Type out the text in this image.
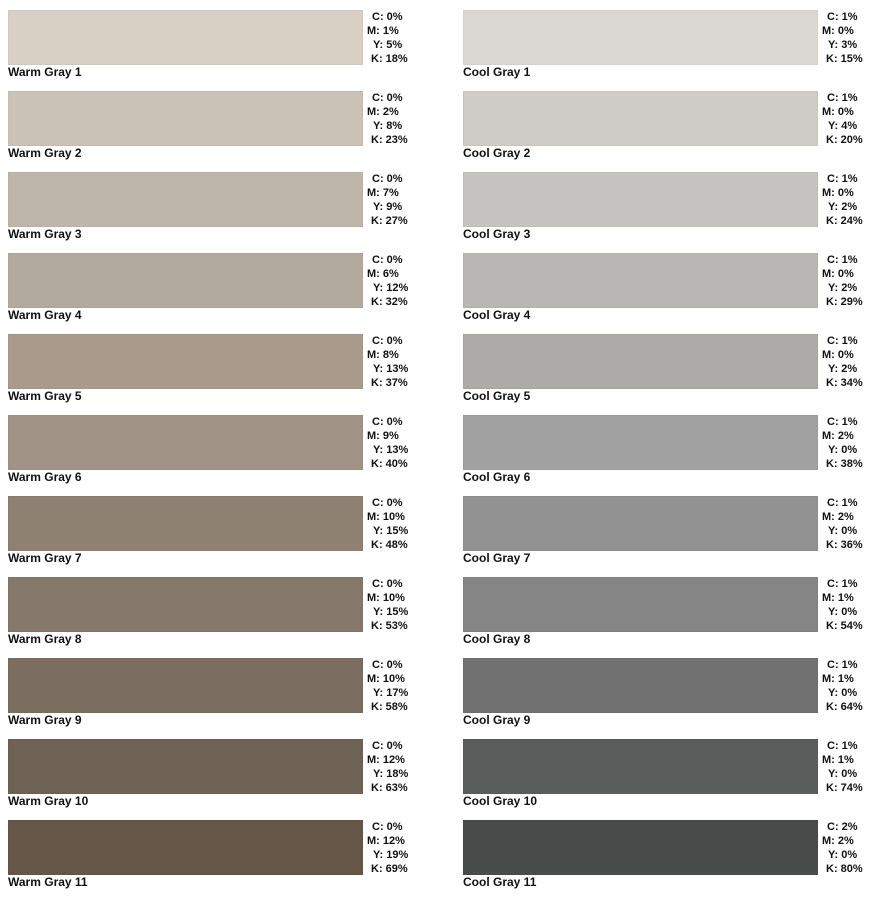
Warm Gray 1
C: 0%
M: 1%
Y: 5%
K: 18%
Warm Gray 2
C: 0%
M: 2%
Y: 8%
K: 23%
Warm Gray 3
C: 0%
M: 7%
Y: 9%
K: 27%
Warm Gray 4
C: 0%
M: 6%
Y: 12%
K: 32%
Warm Gray 5
C: 0%
M: 8%
Y: 13%
K: 37%
Warm Gray 6
C: 0%
M: 9%
Y: 13%
K: 40%
Warm Gray 7
C: 0%
M: 10%
Y: 15%
K: 48%
Warm Gray 8
C: 0%
M: 10%
Y: 15%
K: 53%
Warm Gray 9
C: 0%
M: 10%
Y: 17%
K: 58%
Warm Gray 10
C: 0%
M: 12%
Y: 18%
K: 63%
Warm Gray 11
C: 0%
M: 12%
Y: 19%
K: 69%
Cool Gray 1
C: 1%
M: 0%
Y: 3%
K: 15%
Cool Gray 2
C: 1%
M: 0%
Y: 4%
K: 20%
Cool Gray 3
C: 1%
M: 0%
Y: 2%
K: 24%
Cool Gray 4
C: 1%
M: 0%
Y: 2%
K: 29%
Cool Gray 5
C: 1%
M: 0%
Y: 2%
K: 34%
Cool Gray 6
C: 1%
M: 2%
Y: 0%
K: 38%
Cool Gray 7
C: 1%
M: 2%
Y: 0%
K: 36%
Cool Gray 8
C: 1%
M: 1%
Y: 0%
K: 54%
Cool Gray 9
C: 1%
M: 1%
Y: 0%
K: 64%
Cool Gray 10
C: 1%
M: 1%
Y: 0%
K: 74%
Cool Gray 11
C: 2%
M: 2%
Y: 0%
K: 80%
